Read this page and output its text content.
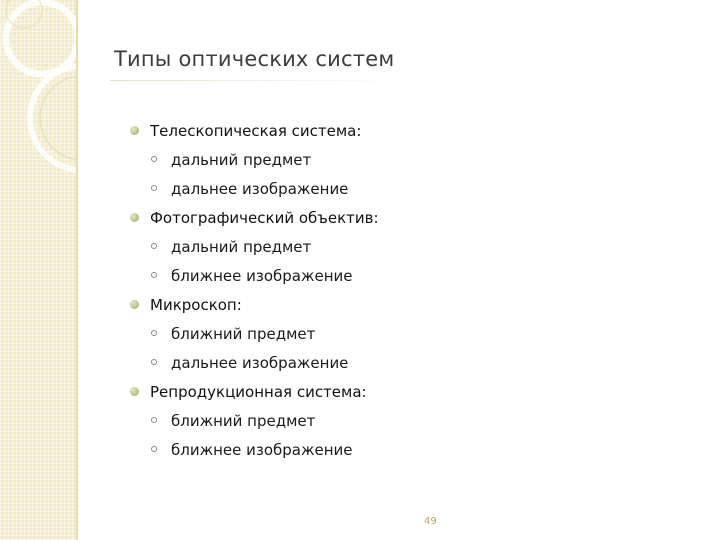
Типы оптических систем
Телескопическая система:
дальний предмет
дальнее изображение
Фотографический объектив:
дальний предмет
ближнее изображение
Микроскоп:
ближний предмет
дальнее изображение
Репродукционная система:
ближний предмет
ближнее изображение
49
